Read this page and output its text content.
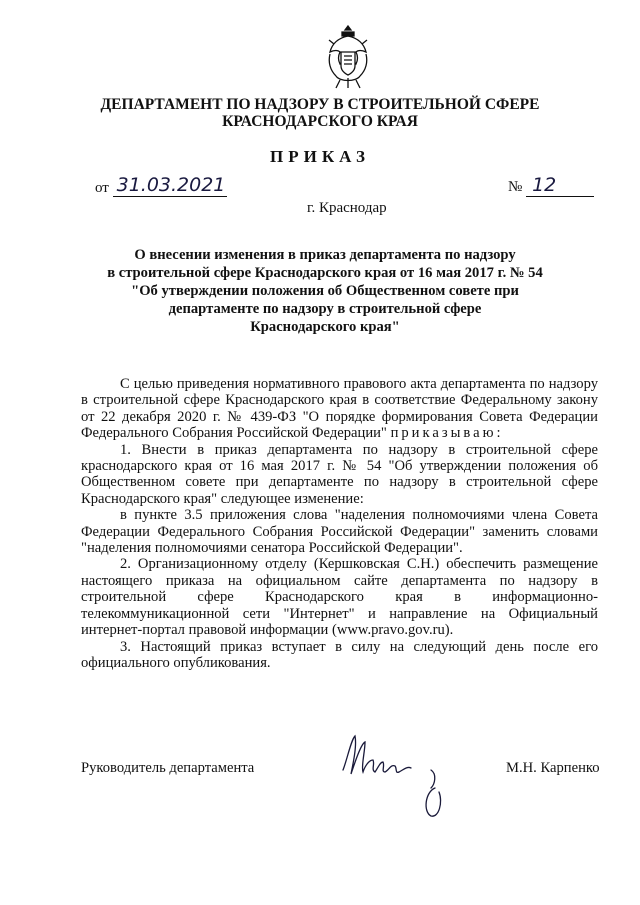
ДЕПАРТАМЕНТ ПО НАДЗОРУ В СТРОИТЕЛЬНОЙ СФЕРЕ
КРАСНОДАРСКОГО КРАЯ
ПРИКАЗ
от 31.03.2021	№ 12
г. Краснодар
О внесении изменения в приказ департамента по надзору
в строительной сфере Краснодарского края от 16 мая 2017 г. № 54
"Об утверждении положения об Общественном совете при
департаменте по надзору в строительной сфере
Краснодарского края"

С целью приведения нормативного правового акта департамента по надзору в строительной сфере Краснодарского края в соответствие Федеральному закону от 22 декабря 2020 г. № 439-ФЗ "О порядке формирования Совета Федерации Федерального Собрания Российской Федерации" приказываю:

1. Внести в приказ департамента по надзору в строительной сфере краснодарского края от 16 мая 2017 г. № 54 "Об утверждении положения об Общественном совете при департаменте по надзору в строительной сфере Краснодарского края" следующее изменение:

в пункте 3.5 приложения слова "наделения полномочиями члена Совета Федерации Федерального Собрания Российской Федерации" заменить словами "наделения полномочиями сенатора Российской Федерации".

2. Организационному отделу (Кершковская С.Н.) обеспечить размещение настоящего приказа на официальном сайте департамента по надзору в строительной сфере Краснодарского края в информационно-телекоммуникационной сети "Интернет" и направление на Официальный интернет-портал правовой информации (www.pravo.gov.ru).

3. Настоящий приказ вступает в силу на следующий день после его официального опубликования.

Руководитель департамента	М.Н. Карпенко
